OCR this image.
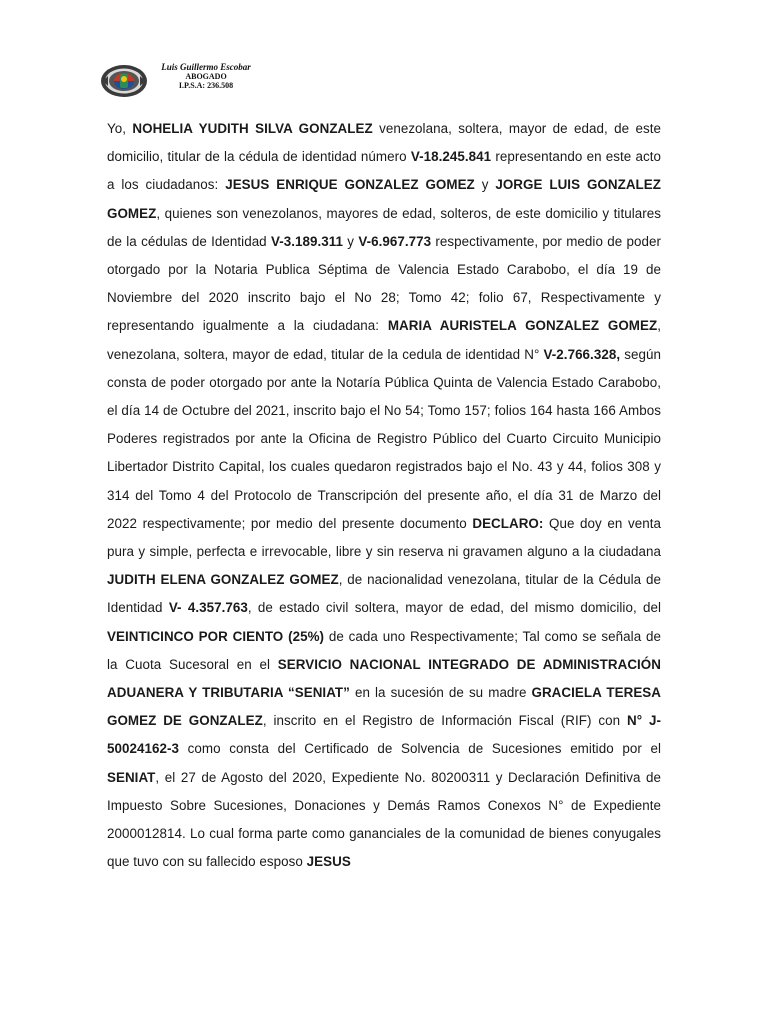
Luis Guillermo Escobar
ABOGADO
I.P.S.A: 236.508
Yo, NOHELIA YUDITH SILVA GONZALEZ venezolana, soltera, mayor de edad, de este domicilio, titular de la cédula de identidad número V-18.245.841 representando en este acto a los ciudadanos: JESUS ENRIQUE GONZALEZ GOMEZ y JORGE LUIS GONZALEZ GOMEZ, quienes son venezolanos, mayores de edad, solteros, de este domicilio y titulares de la cédulas de Identidad V-3.189.311 y V-6.967.773 respectivamente, por medio de poder otorgado por la Notaria Publica Séptima de Valencia Estado Carabobo, el día 19 de Noviembre del 2020 inscrito bajo el No 28; Tomo 42; folio 67, Respectivamente y representando igualmente a la ciudadana: MARIA AURISTELA GONZALEZ GOMEZ, venezolana, soltera, mayor de edad, titular de la cedula de identidad N° V-2.766.328, según consta de poder otorgado por ante la Notaría Pública Quinta de Valencia Estado Carabobo, el día 14 de Octubre del 2021, inscrito bajo el No 54; Tomo 157; folios 164 hasta 166 Ambos Poderes registrados por ante la Oficina de Registro Público del Cuarto Circuito Municipio Libertador Distrito Capital, los cuales quedaron registrados bajo el No. 43 y 44, folios 308 y 314 del Tomo 4 del Protocolo de Transcripción del presente año, el día 31 de Marzo del 2022 respectivamente; por medio del presente documento DECLARO: Que doy en venta pura y simple, perfecta e irrevocable, libre y sin reserva ni gravamen alguno a la ciudadana JUDITH ELENA GONZALEZ GOMEZ, de nacionalidad venezolana, titular de la Cédula de Identidad V- 4.357.763, de estado civil soltera, mayor de edad, del mismo domicilio, del VEINTICINCO POR CIENTO (25%) de cada uno Respectivamente; Tal como se señala de la Cuota Sucesoral en el SERVICIO NACIONAL INTEGRADO DE ADMINISTRACIÓN ADUANERA Y TRIBUTARIA “SENIAT” en la sucesión de su madre GRACIELA TERESA GOMEZ DE GONZALEZ, inscrito en el Registro de Información Fiscal (RIF) con N° J-50024162-3 como consta del Certificado de Solvencia de Sucesiones emitido por el SENIAT, el 27 de Agosto del 2020, Expediente No. 80200311 y Declaración Definitiva de Impuesto Sobre Sucesiones, Donaciones y Demás Ramos Conexos N° de Expediente 2000012814. Lo cual forma parte como gananciales de la comunidad de bienes conyugales que tuvo con su fallecido esposo JESUS
